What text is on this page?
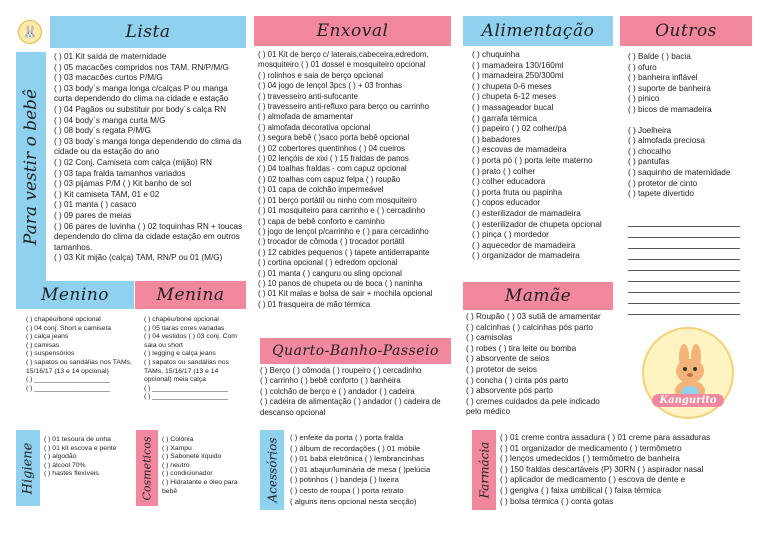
🐰	Lista
Para vestir o bebê
( ) 01 Kit saída de maternidade
( ) 05 macacões compridos nos TAM. RN/P/M/G
( ) 03 macacões curtos P/M/G
( ) 03 body´s manga longa c/calças P ou manga curta dependendo do clima na cidade e estação
( ) 04 Pagãos ou substituir por body´s calça RN
( ) 04 body´s manga curta M/G
( ) 08 body´s regata P/M/G
( ) 03 body´s manga longa dependendo do clima da cidade ou da estação do ano
( ) 02 Conj. Camiseta com calça (mijão) RN
( ) 03 tapa fralda tamanhos variados
( ) 03 pijamas P/M ( ) Kit banho de sol
( ) Kit camiseta TAM, 01 e 02
( ) 01 manta ( ) casaco
( ) 09 pares de meias
( ) 06 pares de luvinha ( ) 02 toquinhas RN + toucas dependendo do clima da cidade estação em outros tamanhos.
( ) 03 Kit mijão (calça) TAM, RN/P ou 01 (M/G)
Menino	Menina
( ) chapéu/boné opcional
( ) 04 conj. Short e camiseta
( ) calça jeans
( ) camisas
( ) suspensórios
( ) sapatos ou sandálias nos TAMs, 15/16/17 (13 e 14 opcional)
( ) ____________________
( ) ____________________
( ) chapéu/boné opcional
( ) 05 tiaras cores variadas
( ) 04 vestidos ( ) 03 conj. Com saia ou short
( ) legging e calça jeans
( ) sapatos ou sandálias nos TAMs, 15/16/17 (13 e 14 opcional) meia calça
( ) ____________________
( ) ____________________
Higiene
( ) 01 tesoura de unha
( ) 01 kit escova e pente
( ) algodão
( ) álcool 70%
( ) hastes flexíveis	Cosmeticos ( ) Colônia
( ) Xampu
( ) Sabonete líquido
( ) neutro
( ) condicionador
( ) Hidratante e óleo para bebê
Enxoval
( ) 01 Kit de berço c/ laterais,cabeceira,edredom, mosquiteiro ( ) 01 dossel e mosquiteiro opcional
( ) rolinhos e saia de berço opcional
( ) 04 jogo de lençol 3pcs ( ) + 03 fronhas
( ) travesseiro anti-sufocante
( ) travesseiro anti-refluxo para berço ou carrinho
( ) almofada de amamentar
( ) almofada decorativa opcional
( ) segura bebê ( )saco porta bebê opcional
( ) 02 cobertores quentinhos ( ) 04 cueiros
( ) 02 lençóis de xixi ( ) 15 fraldas de panos
( ) 04 toalhas fraldas - com capuz opcional
( ) 02 toalhas com capuz felpa ( ) roupão
( ) 01 capa de colchão impermeável
( ) 01 berço portátil ou ninho com mosquiteiro
( ) 01 mosquiteiro para carrinho e ( ) cercadinho
( ) capa de bebê conforto e caminho
( ) jogo de lençol p/carrinho e ( ) para cercadinho
( ) trocador de cômoda ( ) trocador portátil
( ) 12 cabides pequenos ( ) tapete antiderrapante
( ) cortina opcional ( ) edredom opcional
( ) 01 manta ( ) canguru ou sling opcional
( ) 10 panos de chupeta ou de boca ( ) naninha
( ) 01 Kit malas e bolsa de sair + mochila opcional
( ) 01 frasqueira de mão térmica
Quarto-Banho-Passeio
( ) Berço ( ) cômoda ( ) roupeiro ( ) cercadinho
( ) carrinho ( ) bebê conforto ( ) banheira
( ) colchão de berço e ( ) andador ( ) cadeira
( ) cadeira de alimentação ( ) andador ( ) cadeira de descanso opcional
Acessórios ( ) enfeite da porta ( ) porta fralda
( ) álbum de recordações ( ) 01 móbile
( ) 01 babá eletrônica ( ) lembrancinhas
( ) 01 abajur/luminária de mesa ( )pelúcia
( ) potinhos ( ) bandeja ( ) lixeira
( ) cesto de roupa ( ) porta retrato
( alguns itens opcional nesta secção)
Alimentação
( ) chuquinha
( ) mamadeira 130/160ml
( ) mamadeira 250/300ml
( ) chupeta 0-6 meses
( ) chupeta 6-12 meses
( ) massageador bucal
( ) garrafa térmica
( ) papeiro ( ) 02 colher/pá
( ) babadores
( ) escovas de mamadeira
( ) porta pó ( ) porta leite materno
( ) prato ( ) colher
( ) colher educadora
( ) porta fruta ou papinha
( ) copos educador
( ) esterilizador de mamadeira
( ) esterilizador de chupeta opcional
( ) pinça ( ) mordedor
( ) aquecedor de mamadeira
( ) organizador de mamadeira
Mamãe
( ) Roupão ( ) 03 sutiã de amamentar
( ) calcinhas ( ) calcinhas pós parto
( ) camisolas
( ) robes ( ) tira leite ou bomba
( ) absorvente de seios
( ) protetor de seios
( ) concha ( ) cinta pós parto
( ) absorvente pós parto
( ) cremes cuidados da pele indicado pelo médico
Farmácia
( ) 01 creme contra assadura ( ) 01 creme para assaduras
( ) 01 organizador de medicamento ( ) termômetro
( ) lenços umedecidos ( ) termômetro de banheira
( ) 150 fraldas descartáveis (P) 30RN ( ) aspirador nasal
( ) aplicador de medicamento ( ) escova de dente e
( ) gengiva ( ) faixa umbilical ( ) faixa térmica
( ) bolsa térmica ( ) conta gotas
Outros
( ) Balde ( ) bacia
( ) ofuro
( ) banheira inflável
( ) suporte de banheira
( ) pinico
( ) bicos de mamadeira
( ) Joelheira
( ) almofada preciosa
( ) chocalho
( ) pantufas
( ) saquinho de maternidade
( ) protetor de cinto
( ) tapete divertido
Kangurito
